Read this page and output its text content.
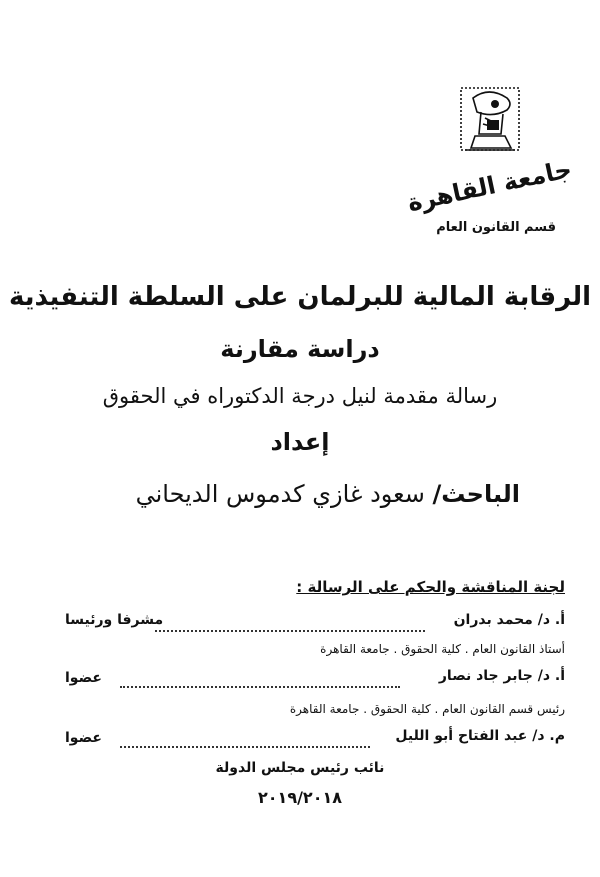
جامعة القاهرة
قسم القانون العام
الرقابة المالية للبرلمان على السلطة التنفيذية
دراسة مقارنة
رسالة مقدمة لنيل درجة الدكتوراه في الحقوق
إعداد
الباحث/ سعود غازي كدموس الديحاني
لجنة المناقشة والحكم على الرسالة :
أ. د/ محمد بدران
مشرفا ورئيسا
أستاذ القانون العام . كلية الحقوق . جامعة القاهرة
أ. د/ جابر جاد نصار
عضوا
رئيس قسم القانون العام . كلية الحقوق . جامعة القاهرة
م. د/ عبد الفتاح أبو الليل
عضوا
نائب رئيس مجلس الدولة
٢٠١٩/٢٠١٨
